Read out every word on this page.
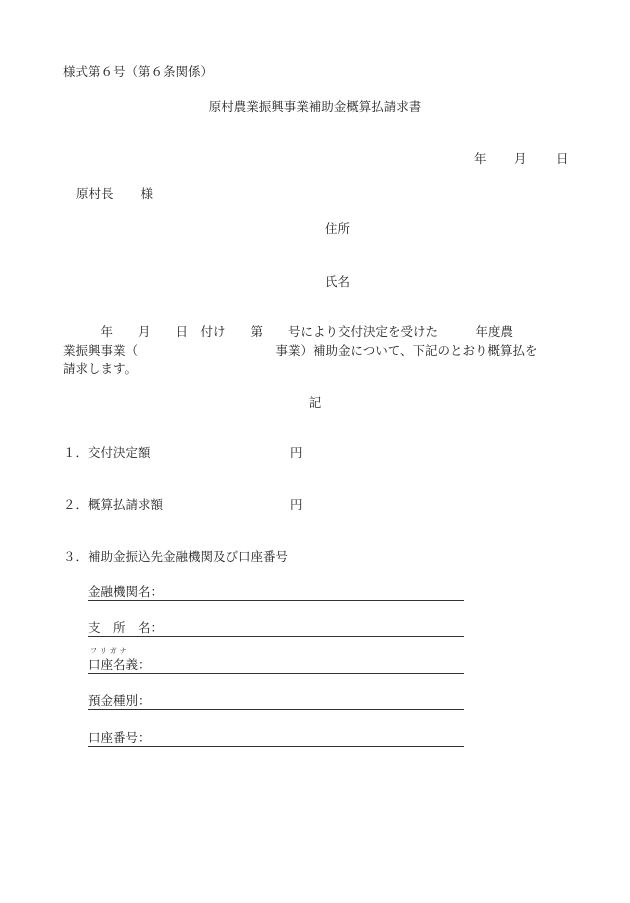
様式第６号（第６条関係）
原村農業振興事業補助金概算払請求書
年 月 日
原村長 様
住所
氏名
　　　年　　月　　日　付け　　第　　号により交付決定を受けた　　　年度農
業振興事業（　　　　　　　　　　　事業）補助金について、下記のとおり概算払を
請求します。
記
１．交付決定額	円
２．概算払請求額	円
３．補助金振込先金融機関及び口座番号
金融機関名：
支　所　名：
フリガナ
口座名義：
預金種別：
口座番号：
